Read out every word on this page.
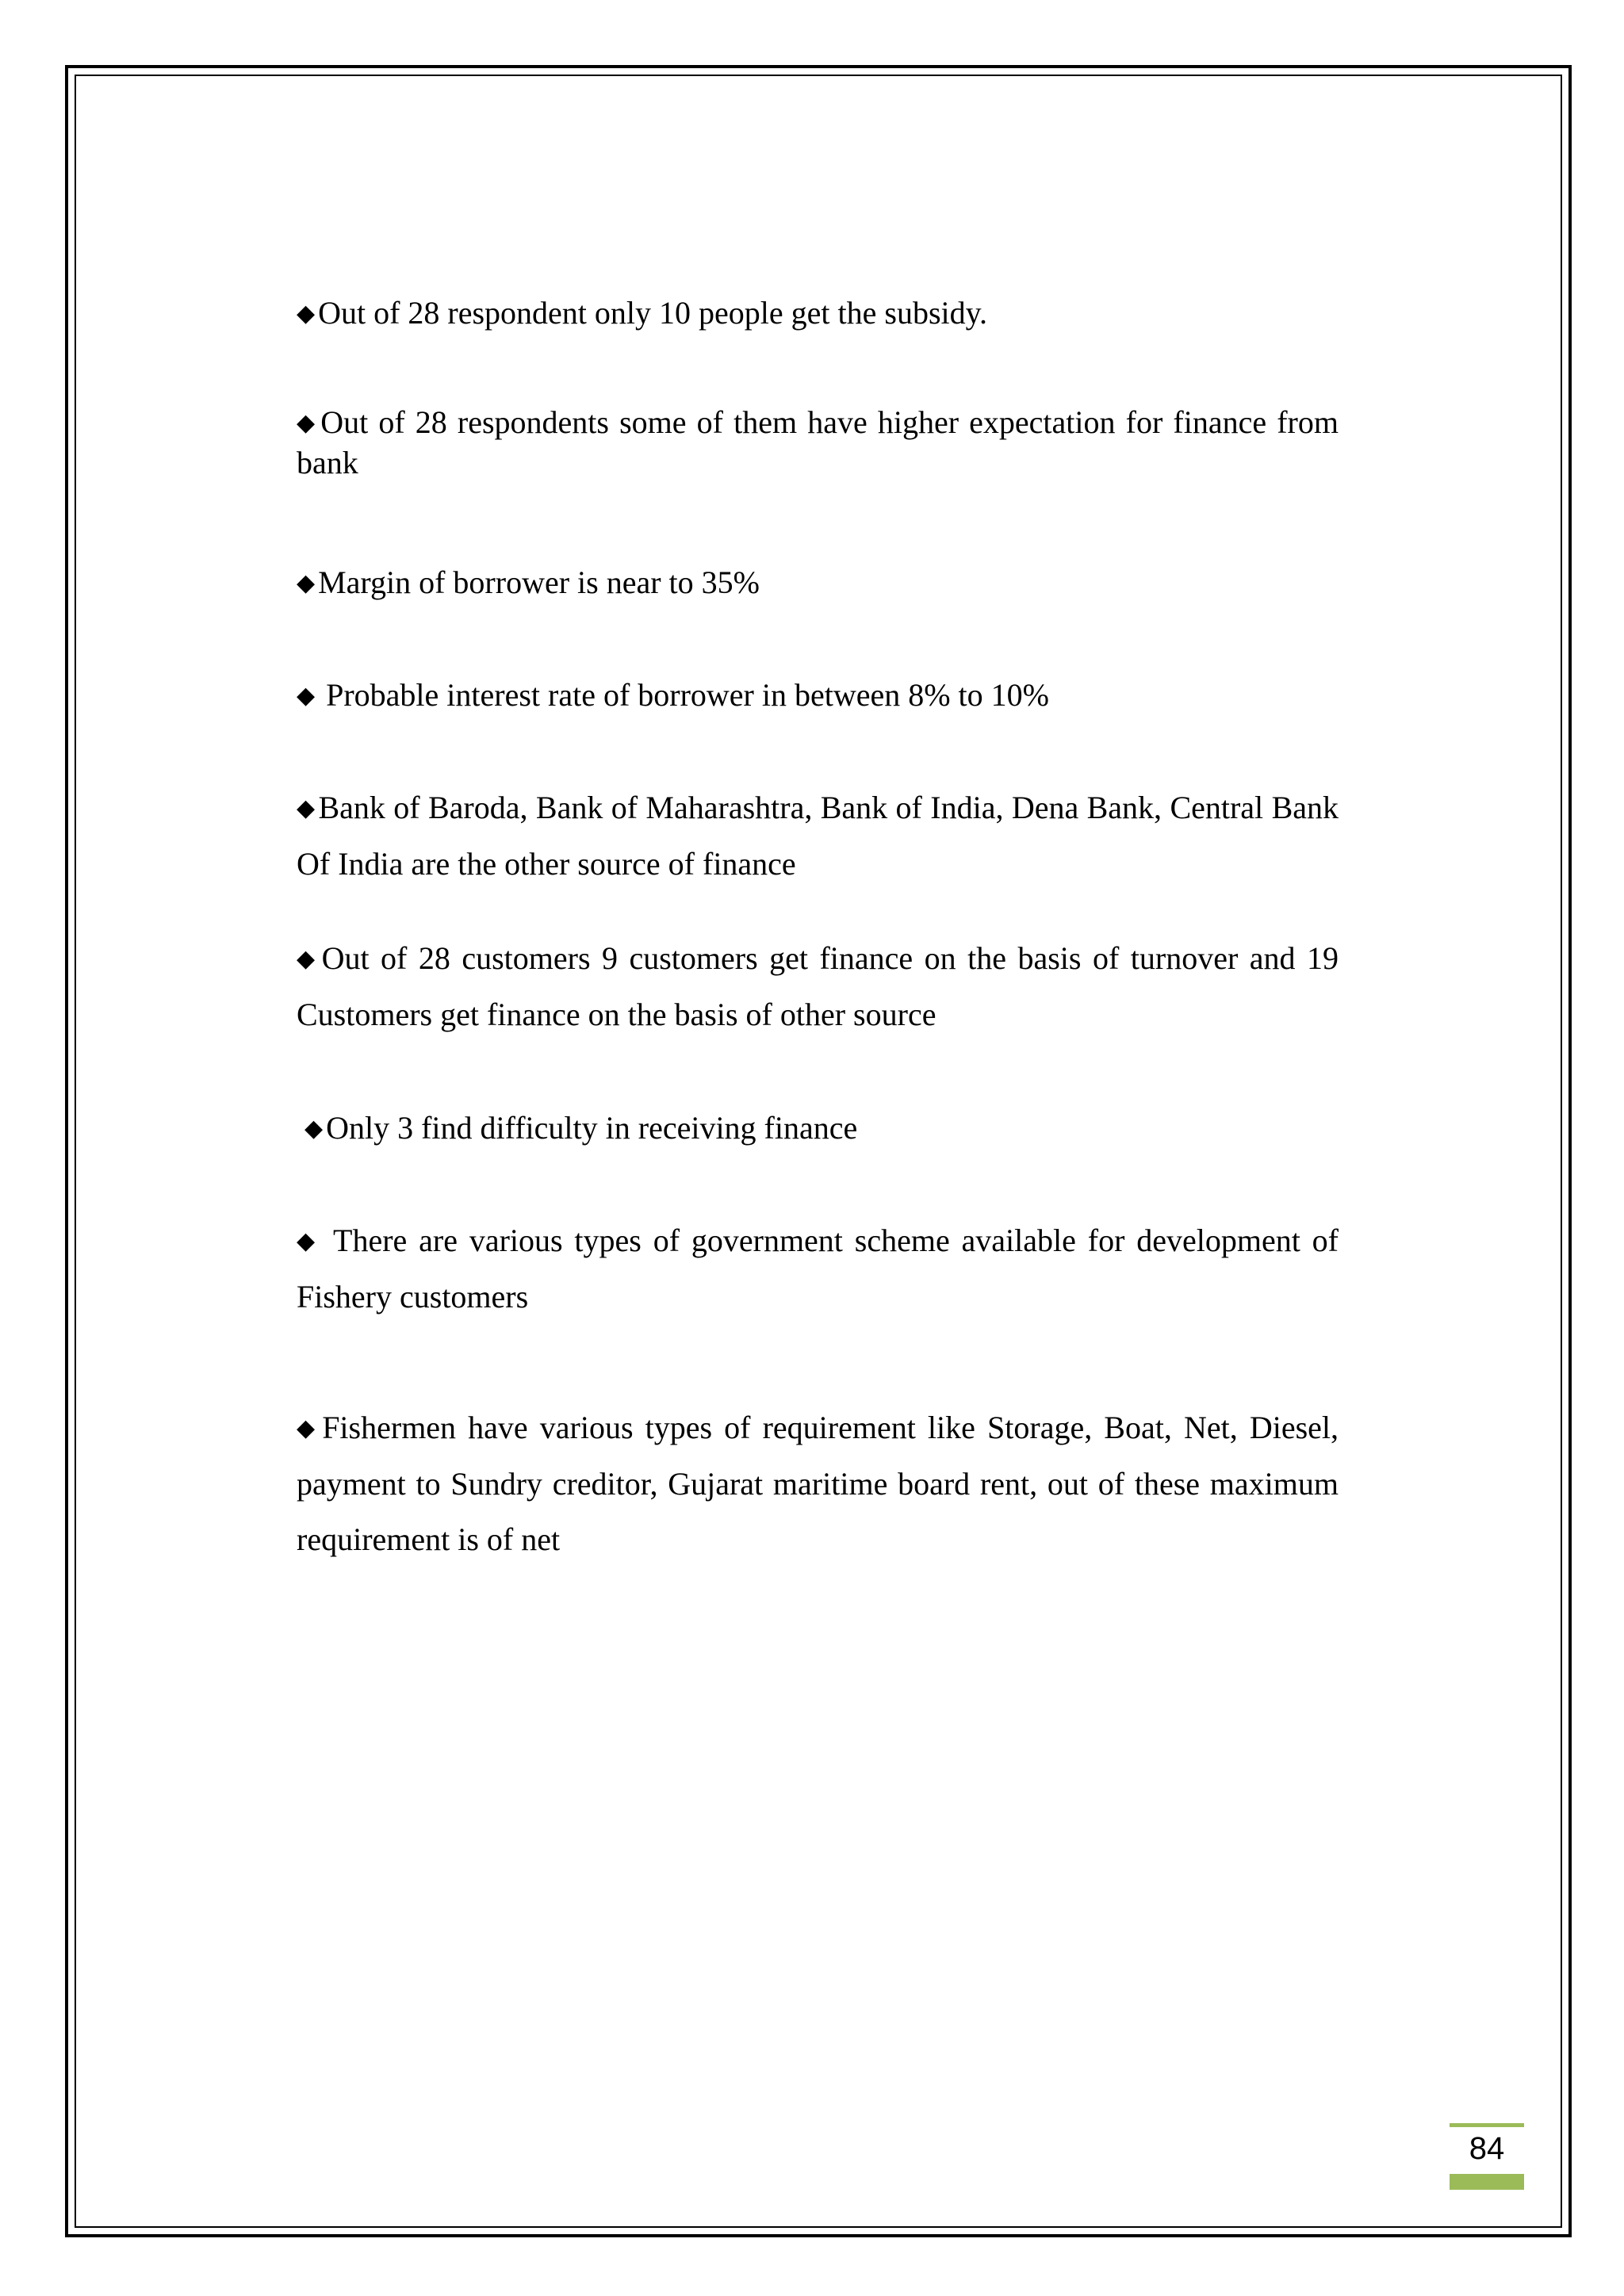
◆ Out of 28 respondent only 10 people get the subsidy.

◆ Out of 28 respondents some of them have higher expectation for finance from bank

◆ Margin of borrower is near to 35%

◆ Probable interest rate of borrower in between 8% to 10%

◆ Bank of Baroda, Bank of Maharashtra, Bank of India, Dena Bank, Central Bank Of India are the other source of finance

◆ Out of 28 customers 9 customers get finance on the basis of turnover and 19 Customers get finance on the basis of other source

◆ Only 3 find difficulty in receiving finance

◆ There are various types of government scheme available for development of Fishery customers

◆ Fishermen have various types of requirement like Storage, Boat, Net, Diesel, payment to Sundry creditor, Gujarat maritime board rent, out of these maximum requirement is of net

84
